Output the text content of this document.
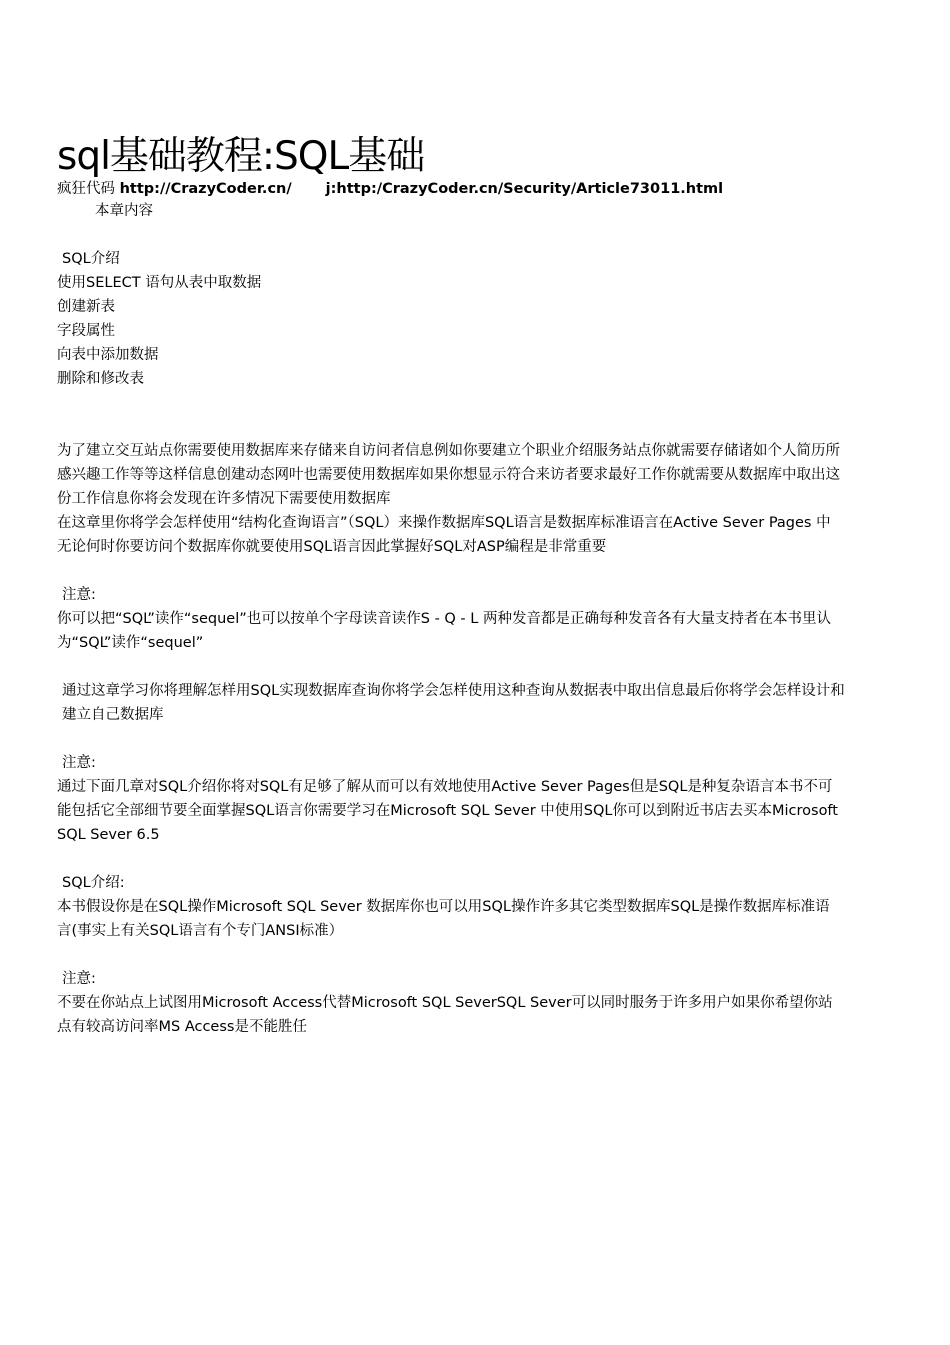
sql基础教程:SQL基础
疯狂代码 http://CrazyCoder.cn/ j:http:/CrazyCoder.cn/Security/Article73011.html
本章内容
SQL介绍
使用SELECT 语句从表中取数据
创建新表
字段属性
向表中添加数据
删除和修改表
为了建立交互站点你需要使用数据库来存储来自访问者信息例如你要建立个职业介绍服务站点你就需要存储诸如个人简历所感兴趣工作等等这样信息创建动态网叶也需要使用数据库如果你想显示符合来访者要求最好工作你就需要从数据库中取出这份工作信息你将会发现在许多情况下需要使用数据库
在这章里你将学会怎样使用“结构化查询语言”（SQL）来操作数据库SQL语言是数据库标准语言在Active Sever Pages 中无论何时你要访问个数据库你就要使用SQL语言因此掌握好SQL对ASP编程是非常重要
注意:
你可以把“SQL”读作“sequel”也可以按单个字母读音读作S - Q - L 两种发音都是正确每种发音各有大量支持者在本书里认为“SQL”读作“sequel”
通过这章学习你将理解怎样用SQL实现数据库查询你将学会怎样使用这种查询从数据表中取出信息最后你将学会怎样设计和建立自己数据库
注意:
通过下面几章对SQL介绍你将对SQL有足够了解从而可以有效地使用Active Sever Pages但是SQL是种复杂语言本书不可能包括它全部细节要全面掌握SQL语言你需要学习在Microsoft SQL Sever 中使用SQL你可以到附近书店去买本Microsoft SQL Sever 6.5
SQL介绍:
本书假设你是在SQL操作Microsoft SQL Sever 数据库你也可以用SQL操作许多其它类型数据库SQL是操作数据库标准语言(事实上有关SQL语言有个专门ANSI标准）
注意:
不要在你站点上试图用Microsoft Access代替Microsoft SQL SeverSQL Sever可以同时服务于许多用户如果你希望你站点有较高访问率MS Access是不能胜任
